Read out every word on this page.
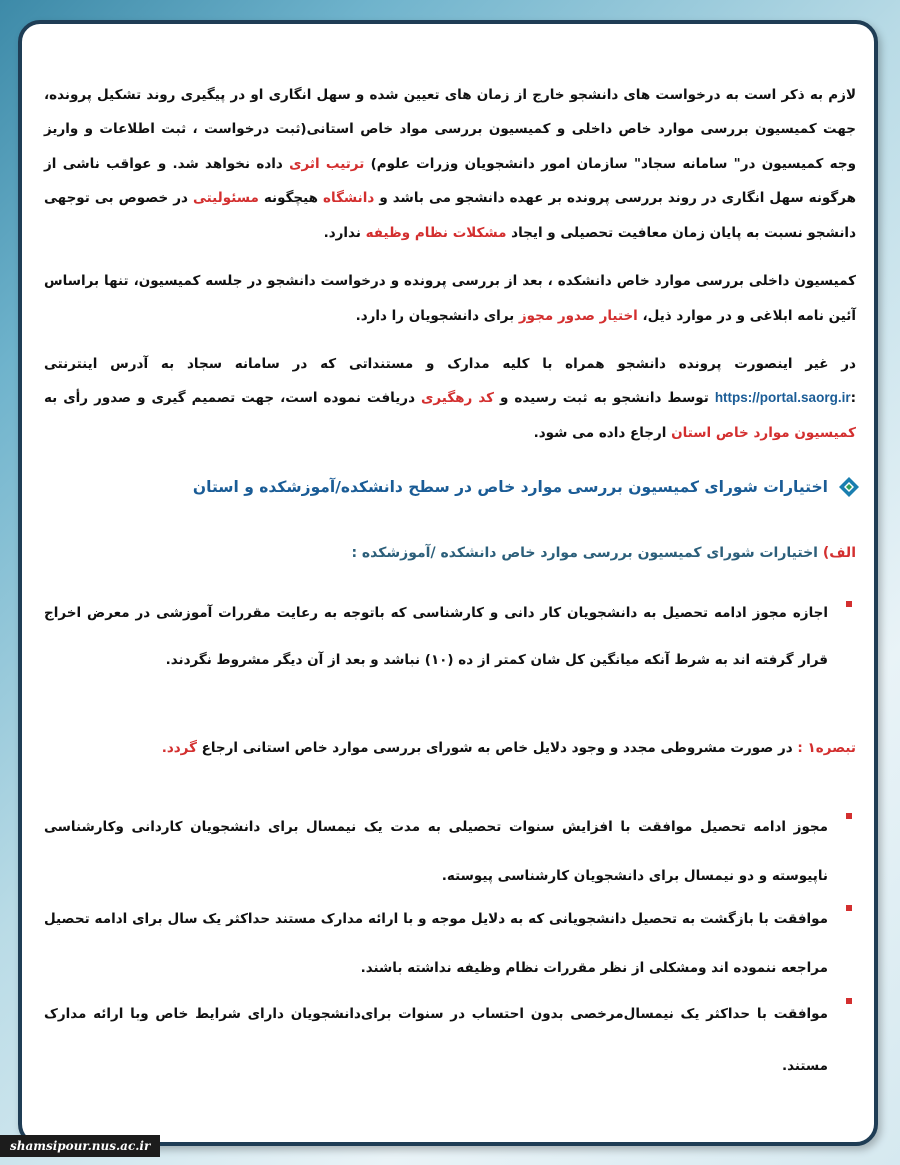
لازم به ذکر است به درخواست های دانشجو خارج از زمان های تعیین شده و سهل انگاری او در پیگیری روند تشکیل پرونده، جهت کمیسیون بررسی موارد خاص داخلی و کمیسیون بررسی مواد خاص استانی(ثبت درخواست ، ثبت اطلاعات و واریز وجه کمیسیون در" سامانه سجاد" سازمان امور دانشجویان وزرات علوم) ترتیب اثری داده نخواهد شد. و عواقب ناشی از هرگونه سهل انگاری در روند بررسی پرونده بر عهده دانشجو می باشد و دانشگاه هیچگونه مسئولیتی در خصوص بی توجهی دانشجو نسبت به پایان زمان معافیت تحصیلی و ایجاد مشکلات نظام وظیفه ندارد.

کمیسیون داخلی بررسی موارد خاص دانشکده ، بعد از بررسی پرونده و درخواست دانشجو در جلسه کمیسیون، تنها براساس آئین نامه ابلاغی و در موارد ذیل، اختیار صدور مجوز برای دانشجویان را دارد.

در غیر اینصورت پرونده دانشجو همراه با کلیه مدارک و مستنداتی که در سامانه سجاد به آدرس اینترنتی :https://portal.saorg.ir توسط دانشجو به ثبت رسیده و کد رهگیری دریافت نموده است، جهت تصمیم گیری و صدور رأی به کمیسیون موارد خاص استان ارجاع داده می شود.

اختیارات شورای کمیسیون بررسی موارد خاص در سطح دانشکده/آموزشکده و استان
الف) اختیارات شورای کمیسیون بررسی موارد خاص دانشکده /آموزشکده :
اجازه مجوز ادامه تحصیل به دانشجویان کار دانی و کارشناسی که باتوجه به رعایت مقررات آموزشی در معرض اخراج قرار گرفته اند به شرط آنکه میانگین کل شان کمتر از ده (۱۰) نباشد و بعد از آن دیگر مشروط نگردند.
تبصره۱ : در صورت مشروطی مجدد و وجود دلایل خاص به شورای بررسی موارد خاص استانی ارجاع گردد.
مجوز ادامه تحصیل موافقت با افزایش سنوات تحصیلی به مدت یک نیمسال برای دانشجویان کاردانی وکارشناسی ناپیوسته و دو نیمسال برای دانشجویان کارشناسی پیوسته.
موافقت با بازگشت به تحصیل دانشجویانی که به دلایل موجه و با ارائه مدارک مستند حداکثر یک سال برای ادامه تحصیل مراجعه ننموده اند ومشکلی از نظر مقررات نظام وظیفه نداشته باشند.
موافقت با حداکثر یک نیمسال‌مرخصی بدون احتساب در سنوات برای‌دانشجویان دارای شرایط خاص وبا ارائه مدارک مستند.
shamsipour.nus.ac.ir
